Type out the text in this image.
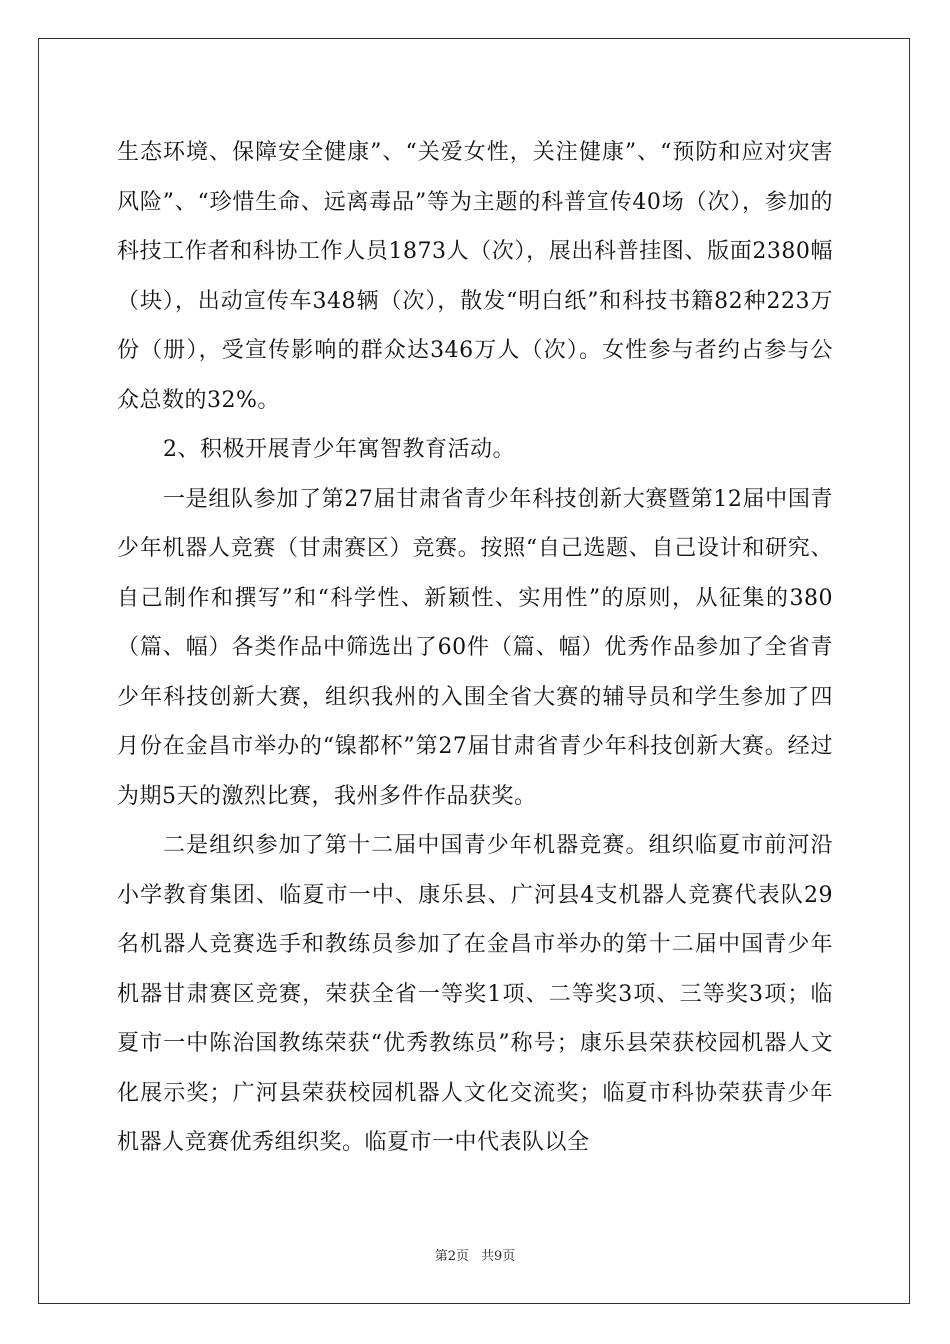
生态环境、保障安全健康”、“关爱女性，关注健康”、“预防和应对灾害风险”、“珍惜生命、远离毒品”等为主题的科普宣传40场（次），参加的科技工作者和科协工作人员1873人（次），展出科普挂图、版面2380幅（块），出动宣传车348辆（次），散发“明白纸”和科技书籍82种223万份（册），受宣传影响的群众达346万人（次）。女性参与者约占参与公众总数的32%。

2、积极开展青少年寓智教育活动。

一是组队参加了第27届甘肃省青少年科技创新大赛暨第12届中国青少年机器人竞赛（甘肃赛区）竞赛。按照“自己选题、自己设计和研究、自己制作和撰写”和“科学性、新颖性、实用性”的原则，从征集的380（篇、幅）各类作品中筛选出了60件（篇、幅）优秀作品参加了全省青少年科技创新大赛，组织我州的入围全省大赛的辅导员和学生参加了四月份在金昌市举办的“镍都杯”第27届甘肃省青少年科技创新大赛。经过为期5天的激烈比赛，我州多件作品获奖。

二是组织参加了第十二届中国青少年机器竞赛。组织临夏市前河沿小学教育集团、临夏市一中、康乐县、广河县4支机器人竞赛代表队29名机器人竞赛选手和教练员参加了在金昌市举办的第十二届中国青少年机器甘肃赛区竞赛，荣获全省一等奖1项、二等奖3项、三等奖3项；临夏市一中陈治国教练荣获“优秀教练员”称号；康乐县荣获校园机器人文化展示奖；广河县荣获校园机器人文化交流奖；临夏市科协荣获青少年机器人竞赛优秀组织奖。临夏市一中代表队以全

第2页 共9页
